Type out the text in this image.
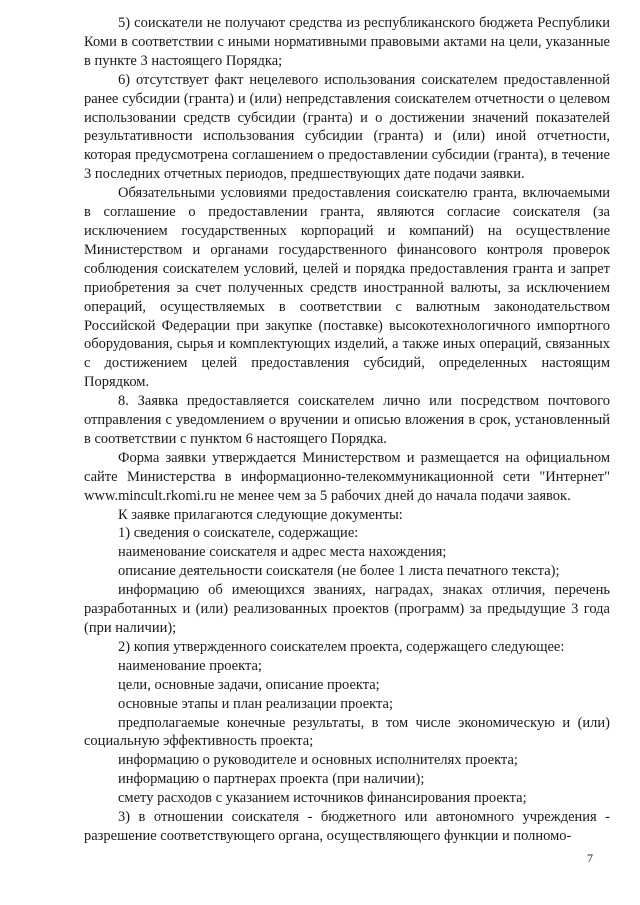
5) соискатели не получают средства из республиканского бюджета Республики Коми в соответствии с иными нормативными правовыми актами на цели, указанные в пункте 3 настоящего Порядка;

6) отсутствует факт нецелевого использования соискателем предоставленной ранее субсидии (гранта) и (или) непредставления соискателем отчетности о целевом использовании средств субсидии (гранта) и о достижении значений показателей результативности использования субсидии (гранта) и (или) иной отчетности, которая предусмотрена соглашением о предоставлении субсидии (гранта), в течение 3 последних отчетных периодов, предшествующих дате подачи заявки.

Обязательными условиями предоставления соискателю гранта, включаемыми в соглашение о предоставлении гранта, являются согласие соискателя (за исключением государственных корпораций и компаний) на осуществление Министерством и органами государственного финансового контроля проверок соблюдения соискателем условий, целей и порядка предоставления гранта и запрет приобретения за счет полученных средств иностранной валюты, за исключением операций, осуществляемых в соответствии с валютным законодательством Российской Федерации при закупке (поставке) высокотехнологичного импортного оборудования, сырья и комплектующих изделий, а также иных операций, связанных с достижением целей предоставления субсидий, определенных настоящим Порядком.

8. Заявка предоставляется соискателем лично или посредством почтового отправления с уведомлением о вручении и описью вложения в срок, установленный в соответствии с пунктом 6 настоящего Порядка.

Форма заявки утверждается Министерством и размещается на официальном сайте Министерства в информационно-телекоммуникационной сети "Интернет" www.mincult.rkomi.ru не менее чем за 5 рабочих дней до начала подачи заявок.

К заявке прилагаются следующие документы:

1) сведения о соискателе, содержащие:

наименование соискателя и адрес места нахождения;

описание деятельности соискателя (не более 1 листа печатного текста);

информацию об имеющихся званиях, наградах, знаках отличия, перечень разработанных и (или) реализованных проектов (программ) за предыдущие 3 года (при наличии);

2) копия утвержденного соискателем проекта, содержащего следующее:

наименование проекта;

цели, основные задачи, описание проекта;

основные этапы и план реализации проекта;

предполагаемые конечные результаты, в том числе экономическую и (или) социальную эффективность проекта;

информацию о руководителе и основных исполнителях проекта;

информацию о партнерах проекта (при наличии);

смету расходов с указанием источников финансирования проекта;

3) в отношении соискателя - бюджетного или автономного учреждения - разрешение соответствующего органа, осуществляющего функции и полномо-

7
